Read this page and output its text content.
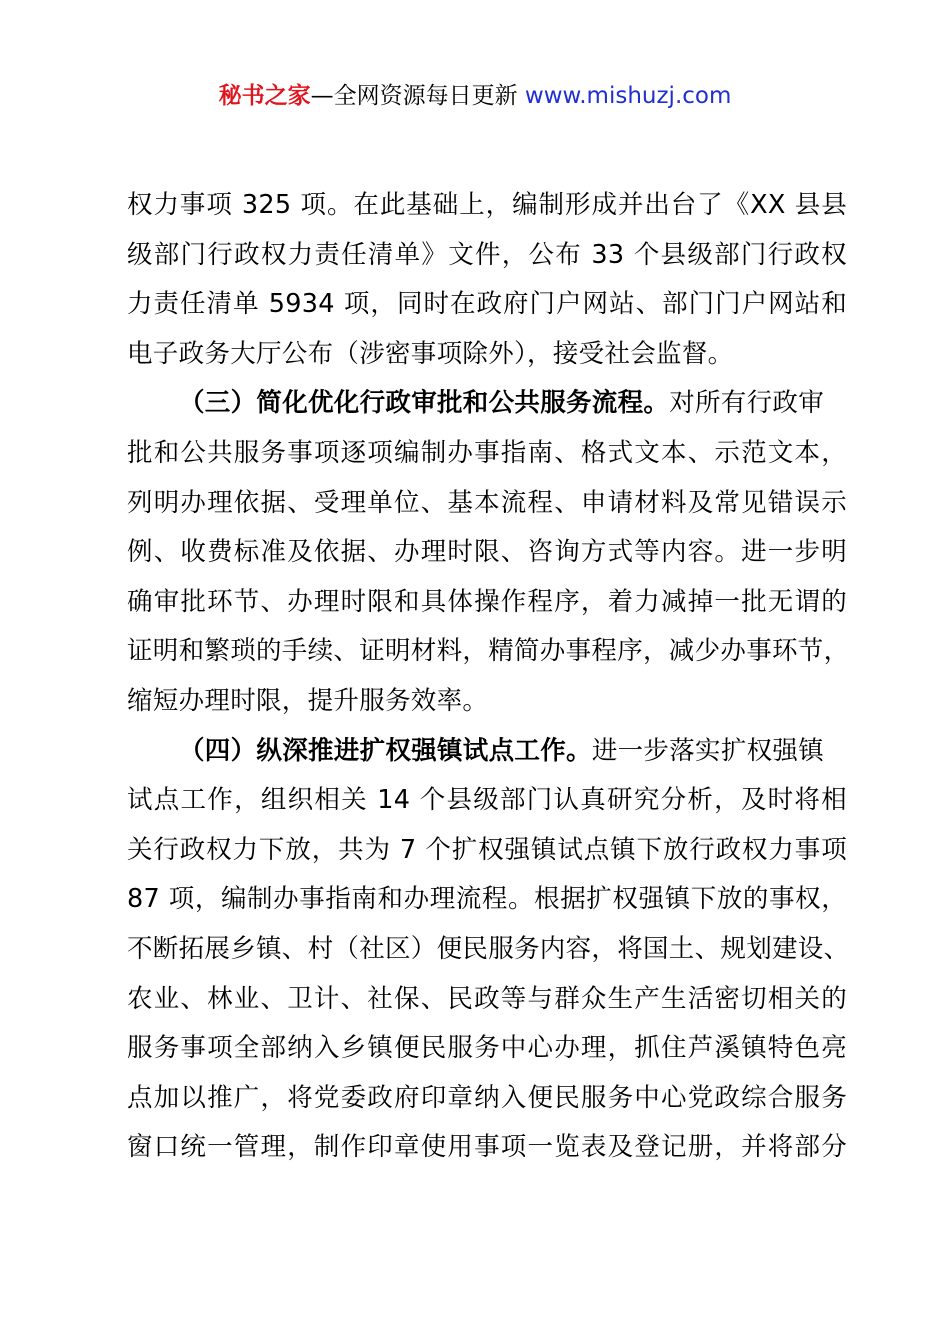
秘书之家—全网资源每日更新 www.mishuzj.com
权力事项 325 项。在此基础上，编制形成并出台了《XX 县县
级部门行政权力责任清单》文件，公布 33 个县级部门行政权
力责任清单 5934 项，同时在政府门户网站、部门门户网站和
电子政务大厅公布（涉密事项除外），接受社会监督。
（三）简化优化行政审批和公共服务流程。对所有行政审
批和公共服务事项逐项编制办事指南、格式文本、示范文本，
列明办理依据、受理单位、基本流程、申请材料及常见错误示
例、收费标准及依据、办理时限、咨询方式等内容。进一步明
确审批环节、办理时限和具体操作程序，着力减掉一批无谓的
证明和繁琐的手续、证明材料，精简办事程序，减少办事环节，
缩短办理时限，提升服务效率。
（四）纵深推进扩权强镇试点工作。进一步落实扩权强镇
试点工作，组织相关 14 个县级部门认真研究分析，及时将相
关行政权力下放，共为 7 个扩权强镇试点镇下放行政权力事项
87 项，编制办事指南和办理流程。根据扩权强镇下放的事权，
不断拓展乡镇、村（社区）便民服务内容，将国土、规划建设、
农业、林业、卫计、社保、民政等与群众生产生活密切相关的
服务事项全部纳入乡镇便民服务中心办理，抓住芦溪镇特色亮
点加以推广，将党委政府印章纳入便民服务中心党政综合服务
窗口统一管理，制作印章使用事项一览表及登记册，并将部分
